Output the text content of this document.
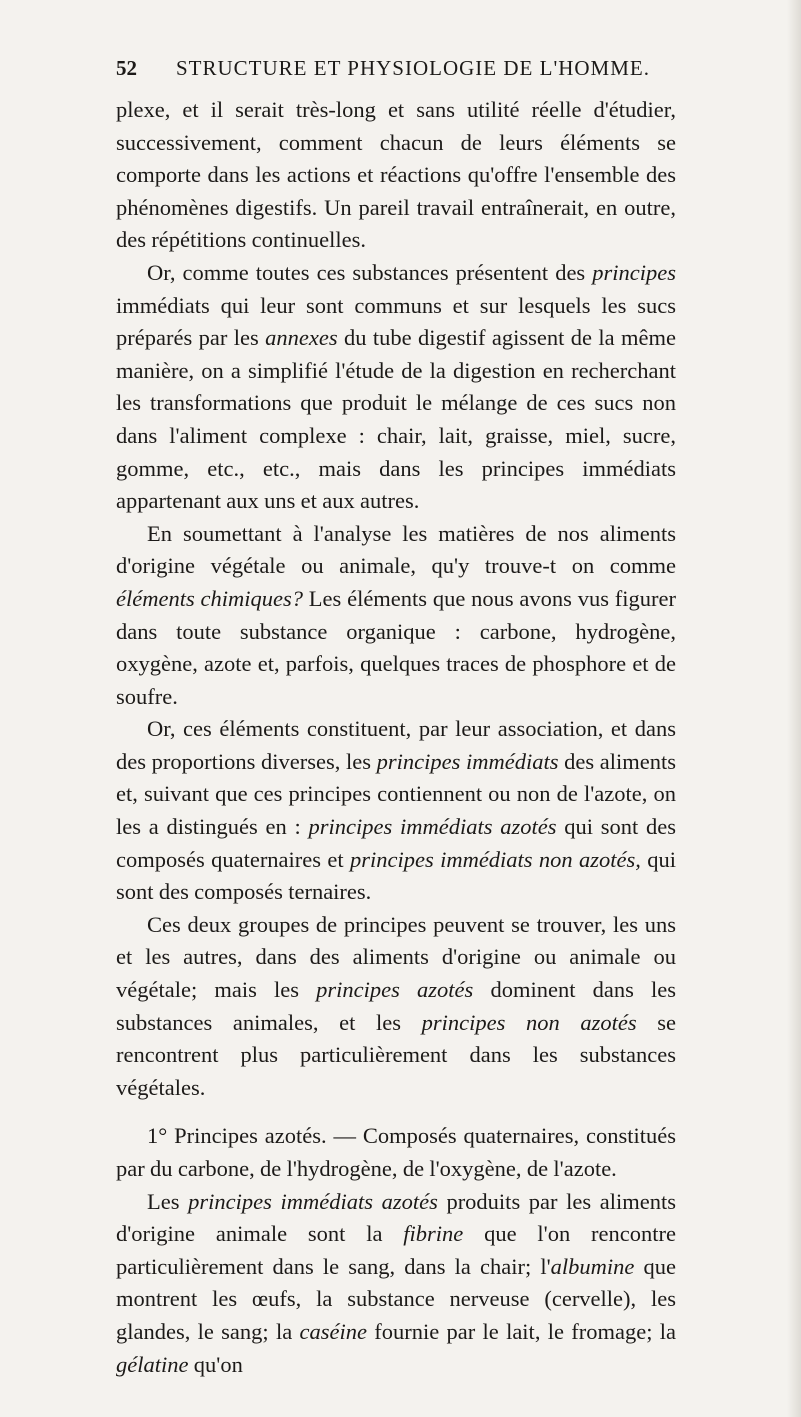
52 STRUCTURE ET PHYSIOLOGIE DE L'HOMME.

plexe, et il serait très-long et sans utilité réelle d'étudier, successivement, comment chacun de leurs éléments se comporte dans les actions et réactions qu'offre l'ensemble des phénomènes digestifs. Un pareil travail entraînerait, en outre, des répétitions continuelles.

Or, comme toutes ces substances présentent des principes immédiats qui leur sont communs et sur lesquels les sucs préparés par les annexes du tube digestif agissent de la même manière, on a simplifié l'étude de la digestion en recherchant les transformations que produit le mélange de ces sucs non dans l'aliment complexe : chair, lait, graisse, miel, sucre, gomme, etc., etc., mais dans les principes immédiats appartenant aux uns et aux autres.

En soumettant à l'analyse les matières de nos aliments d'origine végétale ou animale, qu'y trouve-t on comme éléments chimiques? Les éléments que nous avons vus figurer dans toute substance organique : carbone, hydrogène, oxygène, azote et, parfois, quelques traces de phosphore et de soufre.

Or, ces éléments constituent, par leur association, et dans des proportions diverses, les principes immédiats des aliments et, suivant que ces principes contiennent ou non de l'azote, on les a distingués en : principes immédiats azotés qui sont des composés quaternaires et principes immédiats non azotés, qui sont des composés ternaires.

Ces deux groupes de principes peuvent se trouver, les uns et les autres, dans des aliments d'origine ou animale ou végétale; mais les principes azotés dominent dans les substances animales, et les principes non azotés se rencontrent plus particulièrement dans les substances végétales.

1° Principes azotés. — Composés quaternaires, constitués par du carbone, de l'hydrogène, de l'oxygène, de l'azote.

Les principes immédiats azotés produits par les aliments d'origine animale sont la fibrine que l'on rencontre particulièrement dans le sang, dans la chair; l'albumine que montrent les œufs, la substance nerveuse (cervelle), les glandes, le sang; la caséine fournie par le lait, le fromage; la gélatine qu'on
